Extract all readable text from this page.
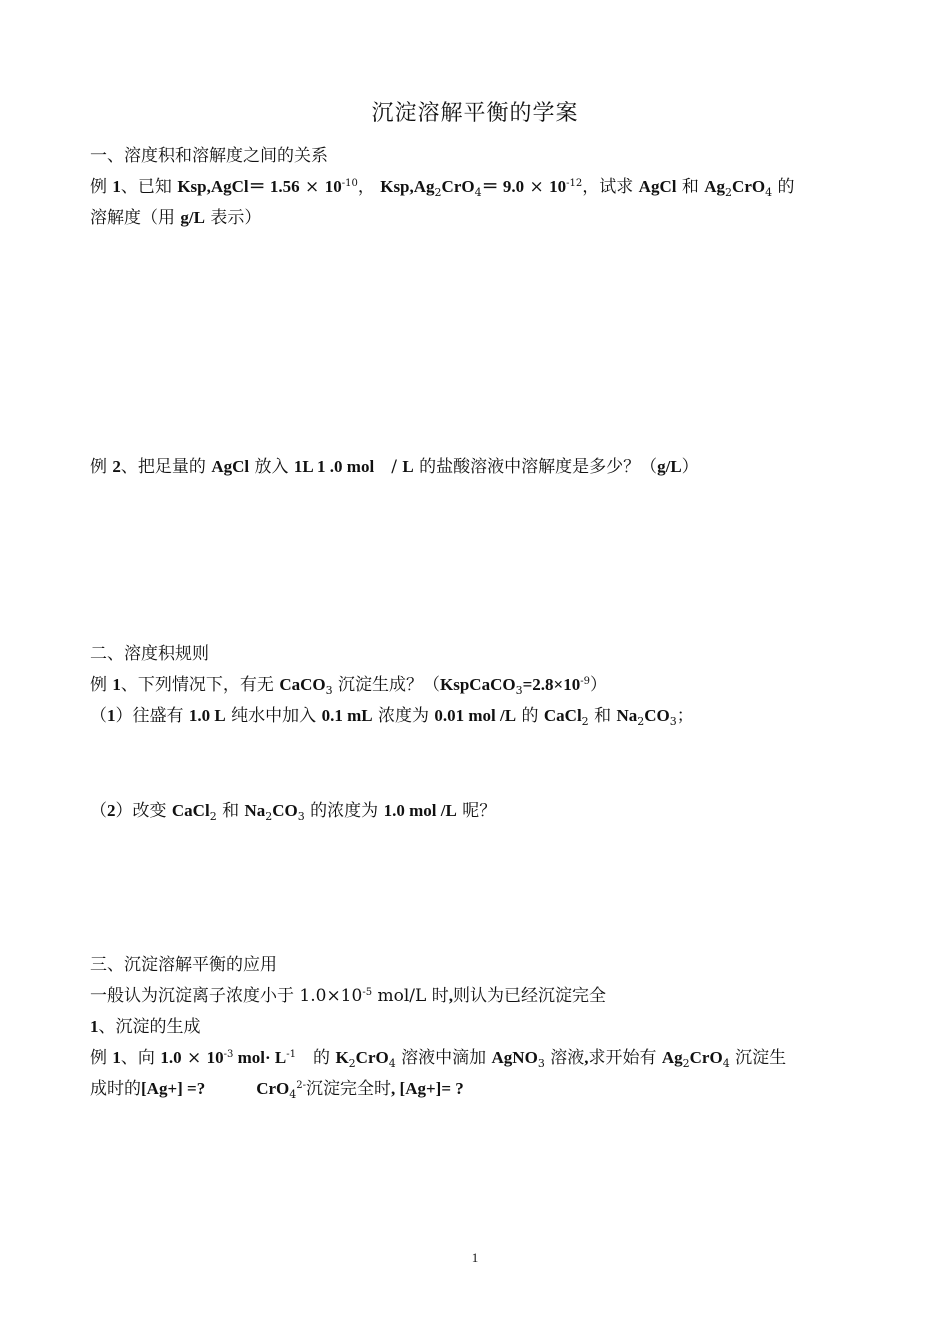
沉淀溶解平衡的学案
一、溶度积和溶解度之间的关系
例 1、已知 Ksp,AgCl＝ $1.56 \times 10^{-10}$， $Ksp,Ag_2CrO_4= 9.0 \times 10^{-12}$，试求 AgCl 和 $Ag_2CrO_4$ 的
溶解度（用 g/L 表示）
例 2、把足量的 AgCl 放入 1L 1 .0 mol　/ L 的盐酸溶液中溶解度是多少？（g/L）
二、溶度积规则
例 1、下列情况下，有无 CaCO$_3$ 沉淀生成？$(KspCaCO_3=2.8\times 10^{-9})$
（1）往盛有 1.0 L 纯水中加入 0.1 mL 浓度为 0.01 mol /L 的 CaCl$_2$ 和 $Na_2CO_3$；
（2）改变 CaCl$_2$ 和 $Na_2CO_3$ 的浓度为 1.0 mol /L 呢？
三、沉淀溶解平衡的应用
一般认为沉淀离子浓度小于 $1.0\times 10^{-5}$ mol/L 时,则认为已经沉淀完全
1、沉淀的生成
例 1、向 $1.0 \times 10^{-3}$ $mol\cdot L^{-1}$　的 $K_2CrO_4$ 溶液中滴加 AgNO$_3$ 溶液,求开始有 $Ag_2CrO_4$ 沉淀生
成时的[Ag+] =?　　　	CrO$_4^{2-}$沉淀完全时, [Ag+]= ?
1
